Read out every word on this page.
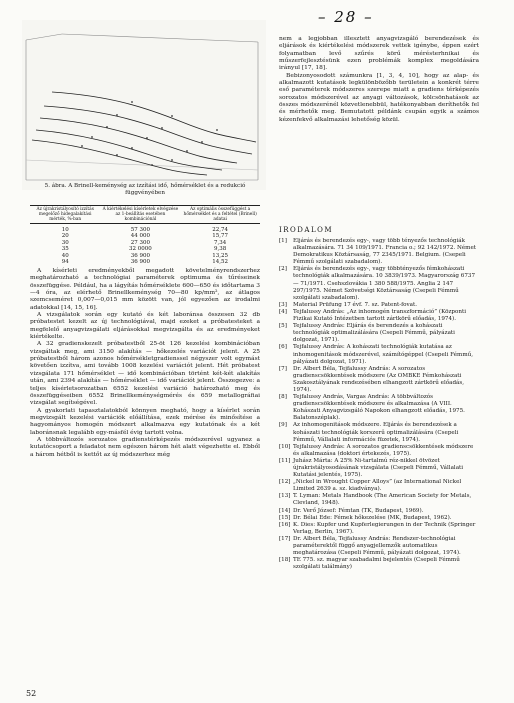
– 28 –
5. ábra. A Brinell-keménység az izzítási idő, hőmérséklet és a redukció függvényében
Az újrakristályosító izzítás megelőző hidegalakítási mérték, %-ban	A kiértékelési kísérletek elvégzése az 1-beállítás esetében kombinációnál	Az optimális összefüggést a hőmérséklet és a feltétel (Brinell) adatai
10	57 300	22,74
20	44 000	15,77
30	27 300	7,34
35	32 0000	9,38
40	36 900	13,25
94	36 900	14,52

A kísérleti eredményekből megadott követelményrendszerhez meghatározható a technológiai paraméterek optimuma és tűréseinek összefüggése. Például, ha a lágyítás hőmérséklete 600—650 és időtartama 3—4 óra, az elérhető Brinellkeménység 70—80 kp/mm², az átlagos szemcseméret 0,007—0,015 mm között van, jól egyezően az irodalmi adatokkal [14, 15, 16].

A vizsgálatok során egy kutató és két laboránsa összesen 32 db próbatestet kezelt az új technológiával, majd ezeket a próbatesteket a megfelelő anyagvizsgálati eljárásokkal megvizsgálta és az eredményeket kiértékelte.

A 32 gradienskezelt próbatestből 25-öt 126 kezelési kombinációban vizsgáltak meg, ami 3150 alakítás — hőkezelés variációt jelent. A 25 próbatestből három azonos hőmérsékletgradienssel négyszer volt egymást követően izzítva, ami tovább 1008 kezelési variációt jelent. Hét próbatest vizsgálata 171 hőmérséklet — idő kombinációban történt két-két alakítás után, ami 2394 alakítás — hőmérséklet — idő variációt jelent. Összegezve: a teljes kísérletsorozatban 6552 kezelési variáció határozható meg és összefüggéseiben 6552 Brinellkeménységmérés és 659 metallográfiai vizsgálat segítségével.

A gyakorlati tapasztalatokból könnyen megható, hogy a kísérlet során megvizsgált kezelési variációk előállítása, ezek mérése és minősítése a hagyományos homogén módszert alkalmazva egy kutatónak és a két laboránsnak legalább egy-másfél évig tartott volna.

A többváltozós sorozatos gradienstérképezés módszerével ugyanez a kutatócsoport a feladatot nem egészen három hét alatt végezhette el. Ebből a három hétből is kettőt az új módszerhez még

nem a legjobban illesztett anyagvizsgáló berendezések és eljárások és kiértékelési módszerek vettek igénybe, éppen ezért folyamatban levő szűrés körű mérésterhnikai és műszerfejlesztésünk ezen problémák komplex megoldására irányul [17, 18].

Bebizonyosodott számunkra [1, 3, 4, 10], hogy az alap- és alkalmazott kutatások legkülönbözőbb területein a konkrét térre eső paraméterek módszeres szerepe miatt a gradiens térképezés sorozatos módszerével az anyagi változások, kölcsönhatások az összes módszerénél közvetlenebbül, hatékonyabban deríthetők fel és mérhetők meg. Bemutatott példánk csupán egyik a számos kézenfekvő alkalmazási lehetőség közül.

IRODALOM
[1] Eljárás és berendezés egy-, vagy több tényezős technológiák alkalmazására. 71 34 109/1971. Francia o.; 92 142/1972. Német Demokratikus Köztársaság, 77 2345/1971. Belgium. (Csepeli Fémmű szolgálati szabadalom).
[2] Eljárás és berendezés egy-, vagy többtényezős fémkohászati technológiák alkalmazására. 10 3839/1973. Magyarország 6737 — 71/1971. Csehszlovákia 1 380 588/1975. Anglia 2 147 297/1975. Német Szövetségi Köztársaság (Csepeli Fémmű szolgálati szabadalom).
[3] Material Prüfung 17 évf. 7. sz. Patent-fovat.
[4] Tejfalussy András: „Az inhomogén transzformáció” (Központi Fizikai Kutató Intézetben tartott zártkörű előadás, 1974).
[5] Tejfalussy András: Eljárás és berendezés a kohászati technológiák optimalizálására (Csepeli Fémmű, pályázati dolgozat, 1971).
[6] Tejfalussy András: A kohászati technológiák kutatása az inhomogenitások módszerével, számítógéppel (Csepeli Fémmű, pályázati dolgozat, 1971).
[7] Dr. Albert Béla, Tejfalussy András: A sorozatos gradienscsökkentések módszere (Az OMBKE Fémkohászati Szakosztályának rendezésében elhangzott zártkörű előadás, 1974).
[8] Tejfalussy András, Vargas András: A többváltozós gradienscsökkentések módszere és alkalmazása (A VIII. Kohászati Anyagvizsgáló Napokon elhangzott előadás, 1975. Balatonszéplak).
[9] Az inhomogenitások módszere. Eljárás és berendezések a kohászati technológiák korszerű optimalizálására (Csepeli Fémmű, Vállalati információs füzetek, 1974).
[10] Tejfalussy András: A sorozatos gradienscsökkentések módszere és alkalmazása (doktori értekezés, 1975).
[11] Juhász Márta: A 25% Ni-tartalmú réz-nikkel ötvözet újrakristályosodásának vizsgálata (Csepeli Fémmű, Vállalati Kutatási jelentés, 1975).
[12] „Nickel in Wrought Copper Alloys” (az International Nickel Limited 2639 a. sz. kiadványa).
[13] T. Lyman: Metals Handbook (The American Society for Metals, Clevland, 1948).
[14] Dr. Verő József: Fémtan (TK, Budapest, 1969).
[15] Dr. Bélai Ede: Fémek hőkezelése (MK, Budapest, 1962).
[16] K. Dies: Kupfer und Kupferlegierungen in der Technik (Springer Verlag, Berlin, 1967).
[17] Dr. Albert Béla, Tejfalussy András: Rendszer-technológiai paraméterektől függő anyagjellemzők automatikus meghatározása (Csepeli Fémmű, pályázati dolgozat, 1974).
[18] TE 775. sz. magyar szabadalmi bejelentés (Csepeli Fémmű szolgálati találmány)
52
